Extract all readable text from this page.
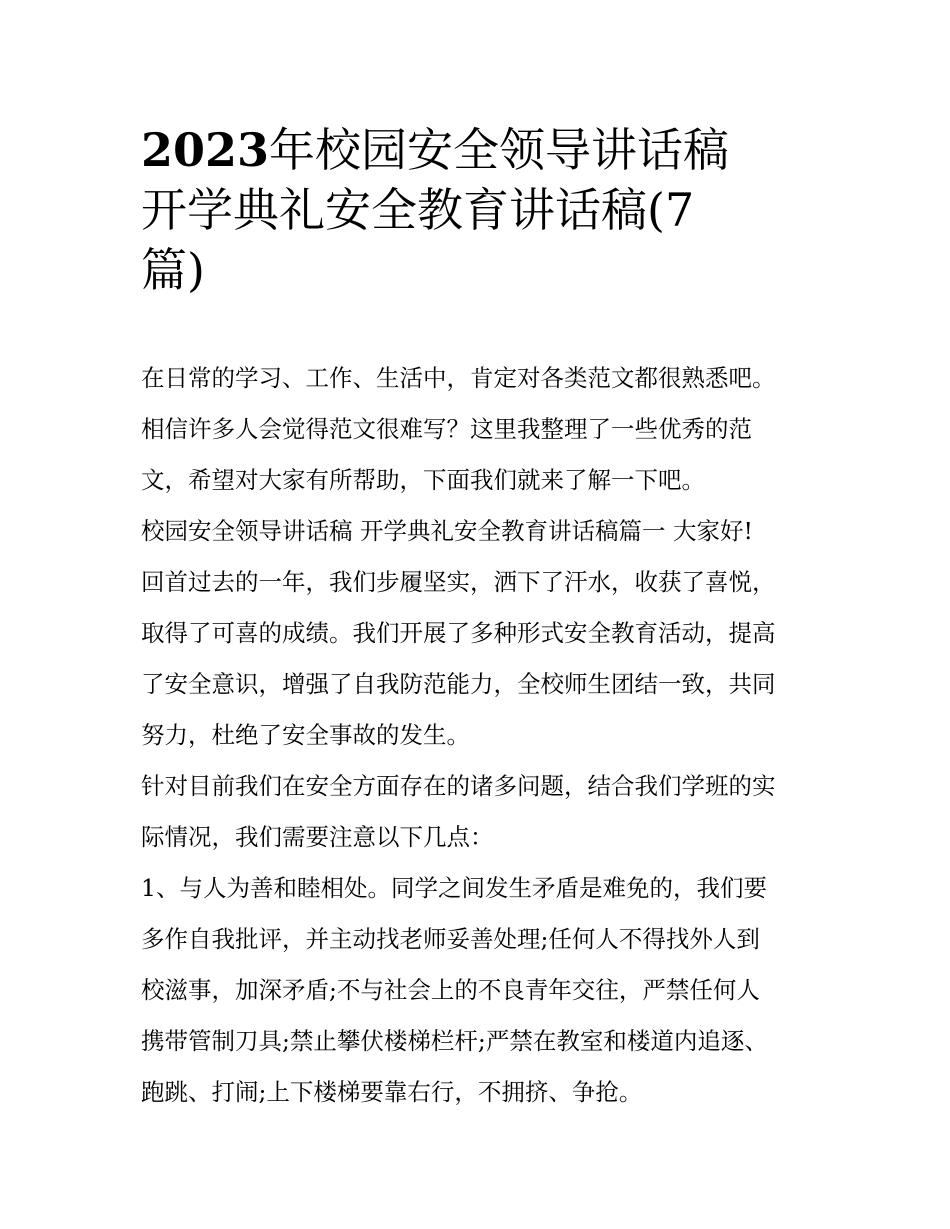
2023年校园安全领导讲话稿
开学典礼安全教育讲话稿(7
篇)

在日常的学习、工作、生活中，肯定对各类范文都很熟悉吧。

相信许多人会觉得范文很难写？这里我整理了一些优秀的范

文，希望对大家有所帮助，下面我们就来了解一下吧。

校园安全领导讲话稿 开学典礼安全教育讲话稿篇一 大家好!

回首过去的一年，我们步履坚实，洒下了汗水，收获了喜悦，

取得了可喜的成绩。我们开展了多种形式安全教育活动，提高

了安全意识，增强了自我防范能力，全校师生团结一致，共同

努力，杜绝了安全事故的发生。

针对目前我们在安全方面存在的诸多问题，结合我们学班的实

际情况，我们需要注意以下几点：

1、与人为善和睦相处。同学之间发生矛盾是难免的，我们要

多作自我批评，并主动找老师妥善处理;任何人不得找外人到

校滋事，加深矛盾;不与社会上的不良青年交往，严禁任何人

携带管制刀具;禁止攀伏楼梯栏杆;严禁在教室和楼道内追逐、

跑跳、打闹;上下楼梯要靠右行，不拥挤、争抢。
